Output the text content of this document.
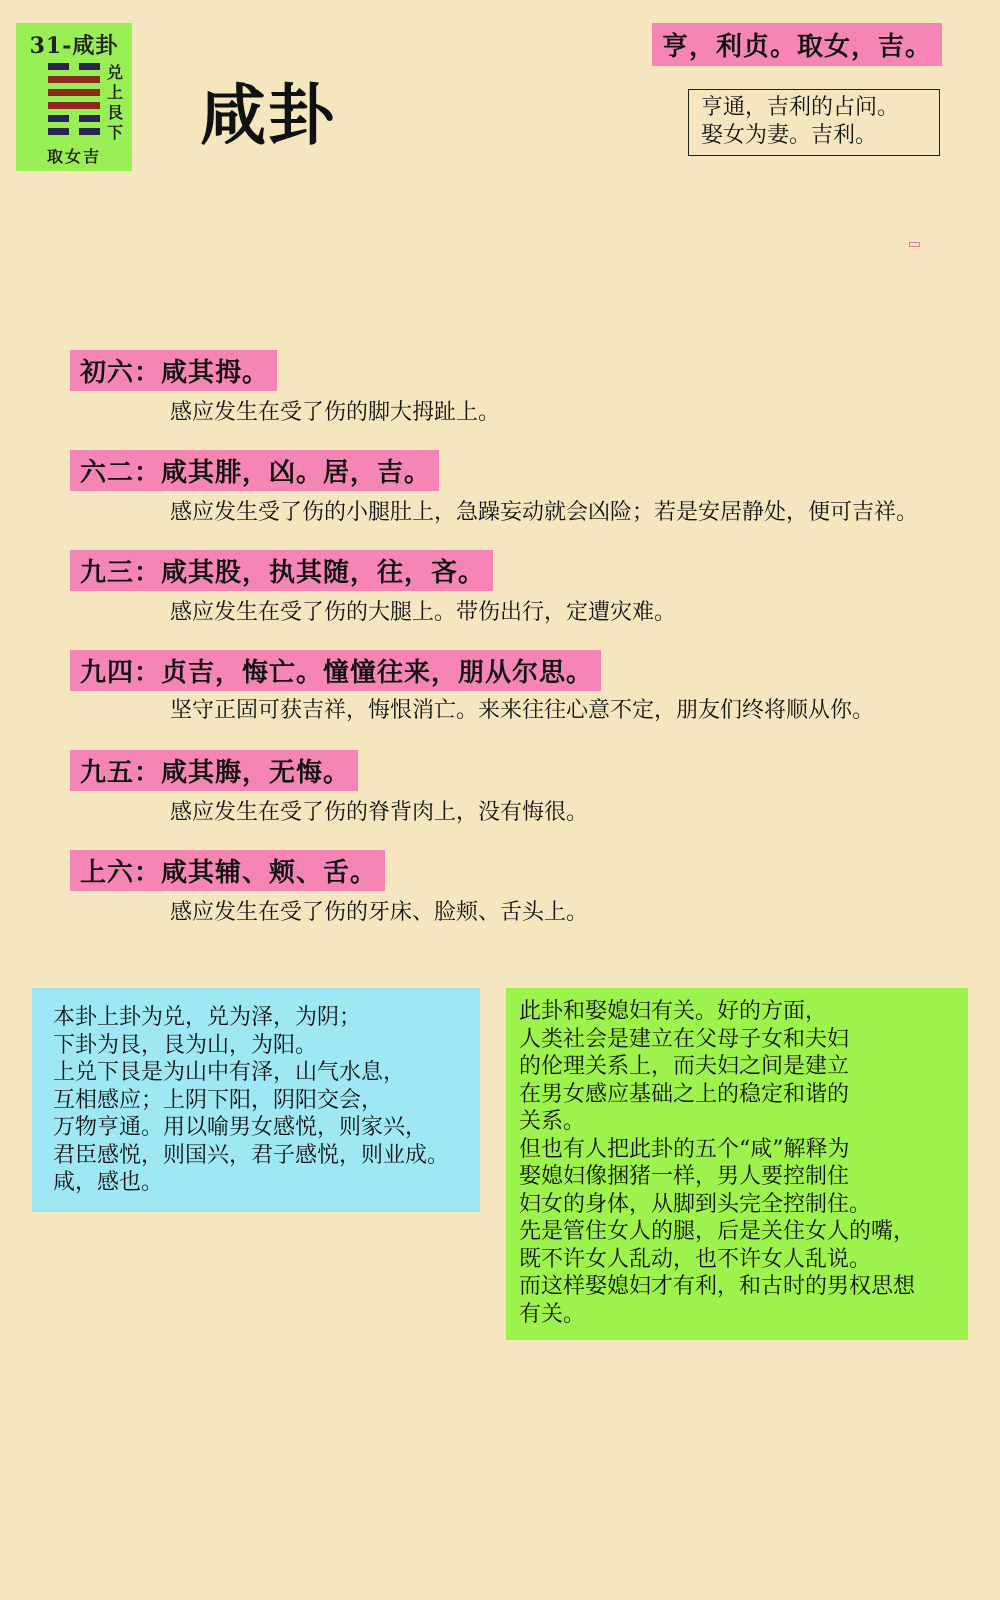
31-咸卦
兑
上
艮
下
取女吉
咸卦
亨，利贞。取女，吉。
亨通，吉利的占问。
娶女为妻。吉利。
初六：咸其拇。
感应发生在受了伤的脚大拇趾上。
六二：咸其腓，凶。居，吉。
感应发生受了伤的小腿肚上，急躁妄动就会凶险；若是安居静处，便可吉祥。
九三：咸其股，执其随，往，吝。
感应发生在受了伤的大腿上。带伤出行，定遭灾难。
九四：贞吉，悔亡。憧憧往来，朋从尔思。
坚守正固可获吉祥，悔恨消亡。来来往往心意不定，朋友们终将顺从你。
九五：咸其脢，无悔。
感应发生在受了伤的脊背肉上，没有悔很。
上六：咸其辅、颊、舌。
感应发生在受了伤的牙床、脸颊、舌头上。
本卦上卦为兑，兑为泽，为阴；
下卦为艮，艮为山，为阳。
上兑下艮是为山中有泽，山气水息，
互相感应；上阴下阳，阴阳交会，
万物亨通。用以喻男女感悦，则家兴，
君臣感悦，则国兴，君子感悦，则业成。
咸，感也。
此卦和娶媳妇有关。好的方面，
人类社会是建立在父母子女和夫妇
的伦理关系上，而夫妇之间是建立
在男女感应基础之上的稳定和谐的
关系。
但也有人把此卦的五个“咸”解释为
娶媳妇像捆猪一样，男人要控制住
妇女的身体，从脚到头完全控制住。
先是管住女人的腿，后是关住女人的嘴，
既不许女人乱动，也不许女人乱说。
而这样娶媳妇才有利，和古时的男权思想
有关。
